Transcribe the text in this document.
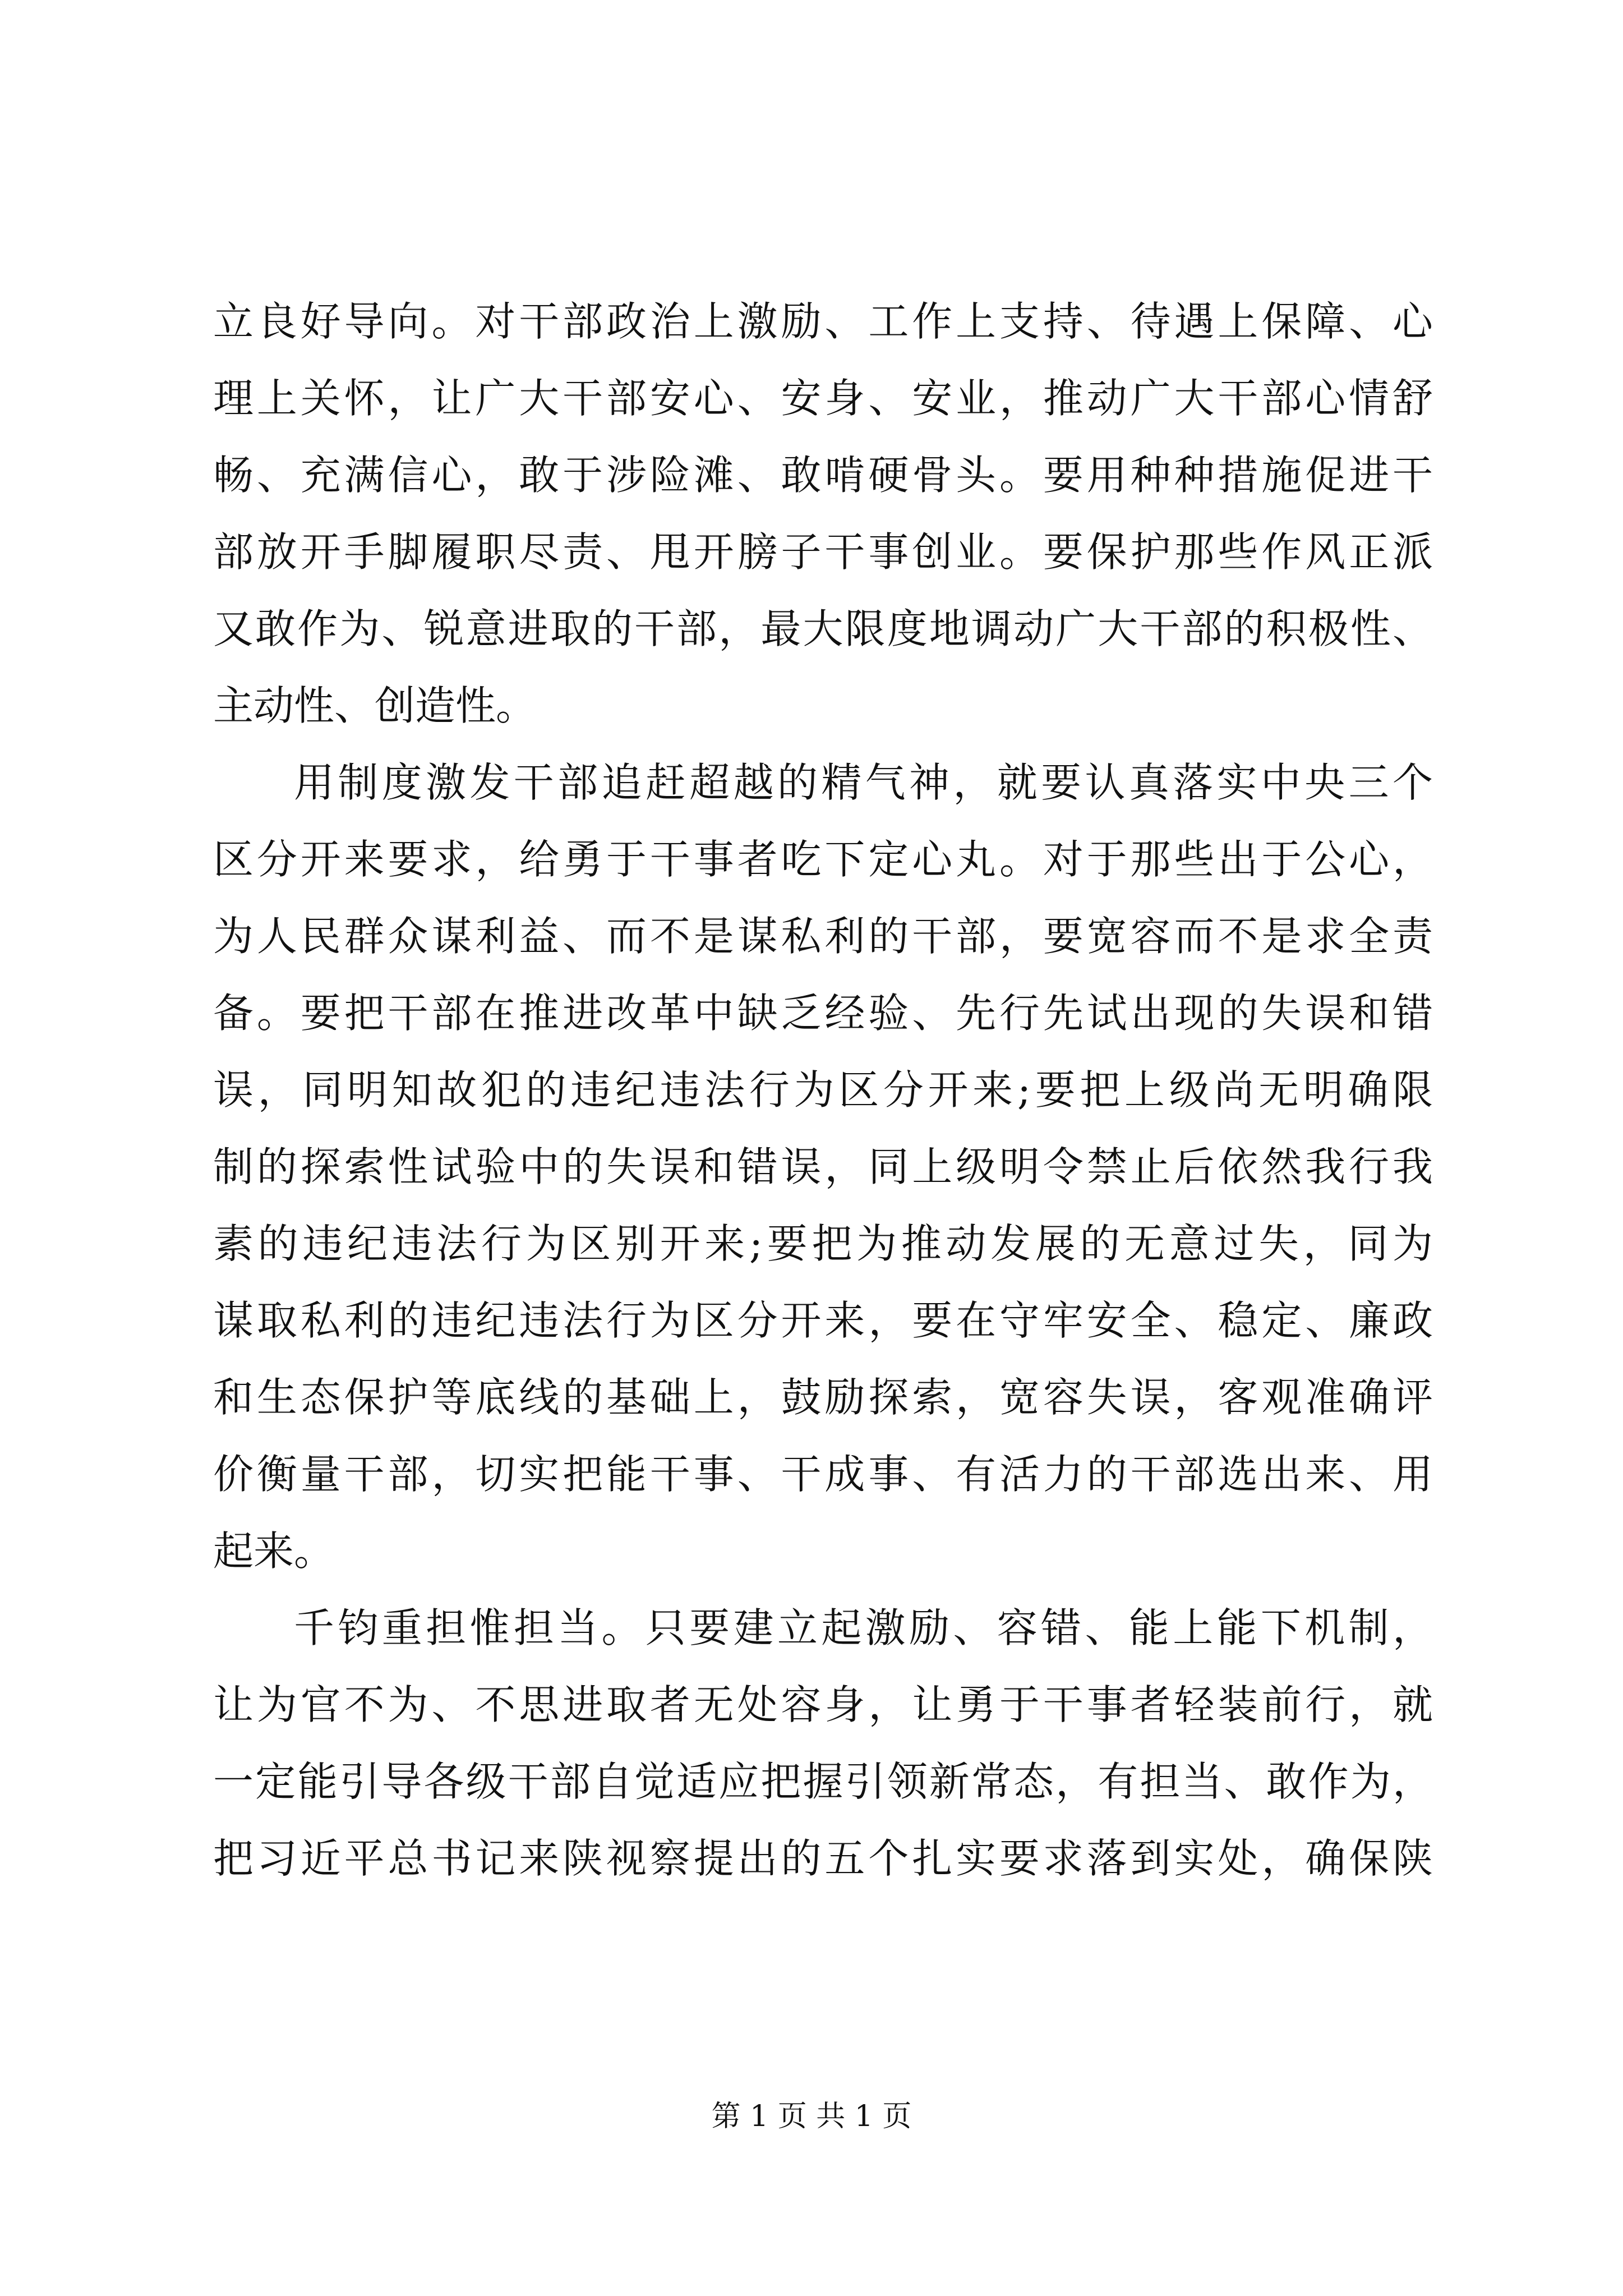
立良好导向。对干部政治上激励、工作上支持、待遇上保障、心
理上关怀，让广大干部安心、安身、安业，推动广大干部心情舒
畅、充满信心，敢于涉险滩、敢啃硬骨头。要用种种措施促进干
部放开手脚履职尽责、甩开膀子干事创业。要保护那些作风正派
又敢作为、锐意进取的干部，最大限度地调动广大干部的积极性、
主动性、创造性。
用制度激发干部追赶超越的精气神，就要认真落实中央三个
区分开来要求，给勇于干事者吃下定心丸。对于那些出于公心，
为人民群众谋利益、而不是谋私利的干部，要宽容而不是求全责
备。要把干部在推进改革中缺乏经验、先行先试出现的失误和错
误，同明知故犯的违纪违法行为区分开来;要把上级尚无明确限
制的探索性试验中的失误和错误，同上级明令禁止后依然我行我
素的违纪违法行为区别开来;要把为推动发展的无意过失，同为
谋取私利的违纪违法行为区分开来，要在守牢安全、稳定、廉政
和生态保护等底线的基础上，鼓励探索，宽容失误，客观准确评
价衡量干部，切实把能干事、干成事、有活力的干部选出来、用
起来。
千钧重担惟担当。只要建立起激励、容错、能上能下机制，
让为官不为、不思进取者无处容身，让勇于干事者轻装前行，就
一定能引导各级干部自觉适应把握引领新常态，有担当、敢作为，
把习近平总书记来陕视察提出的五个扎实要求落到实处，确保陕
第 1 页 共 1 页
